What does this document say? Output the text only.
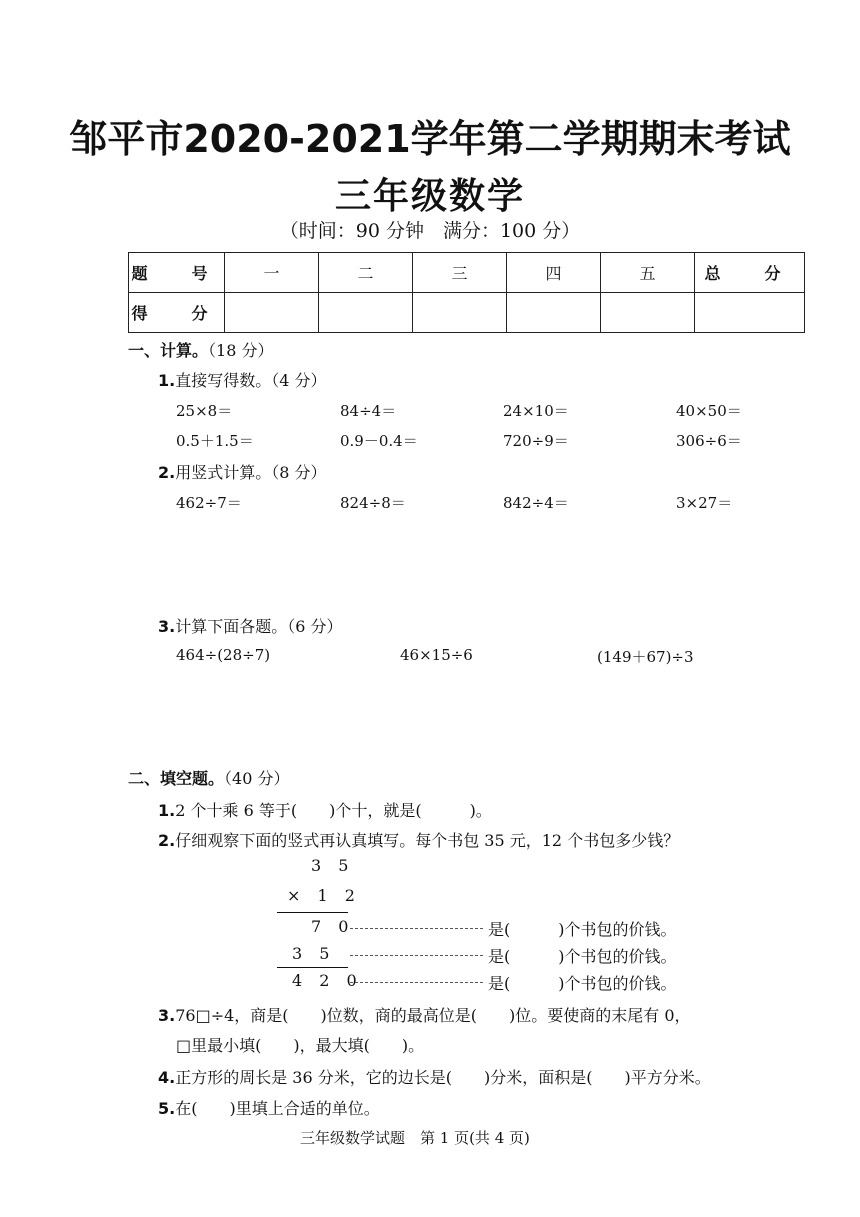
邹平市2020-2021学年第二学期期末考试
三年级数学
（时间：90 分钟　满分：100 分）
题　号	一	二	三	四	五	总　分
得　分						
一、计算。（18 分）
1.直接写得数。（4 分）
25×8＝	84÷4＝	24×10＝	40×50＝
0.5＋1.5＝	0.9－0.4＝	720÷9＝	306÷6＝
2.用竖式计算。（8 分）
462÷7＝	824÷8＝	842÷4＝	3×27＝
3.计算下面各题。（6 分）
464÷(28÷7)	46×15÷6	(149＋67)÷3
二、填空题。（40 分）
1.2 个十乘 6 等于(　　)个十，就是(　　　)。
2.仔细观察下面的竖式再认真填写。每个书包 35 元，12 个书包多少钱？
3 5
× 1 2
7 0
3 5
4 2 0
是(　　　)个书包的价钱。
是(　　　)个书包的价钱。
是(　　　)个书包的价钱。
3.76□÷4，商是(　　)位数，商的最高位是(　　)位。要使商的末尾有 0，
□里最小填(　　)，最大填(　　)。
4.正方形的周长是 36 分米，它的边长是(　　)分米，面积是(　　)平方分米。
5.在(　　)里填上合适的单位。
三年级数学试题　第 1 页(共 4 页)
